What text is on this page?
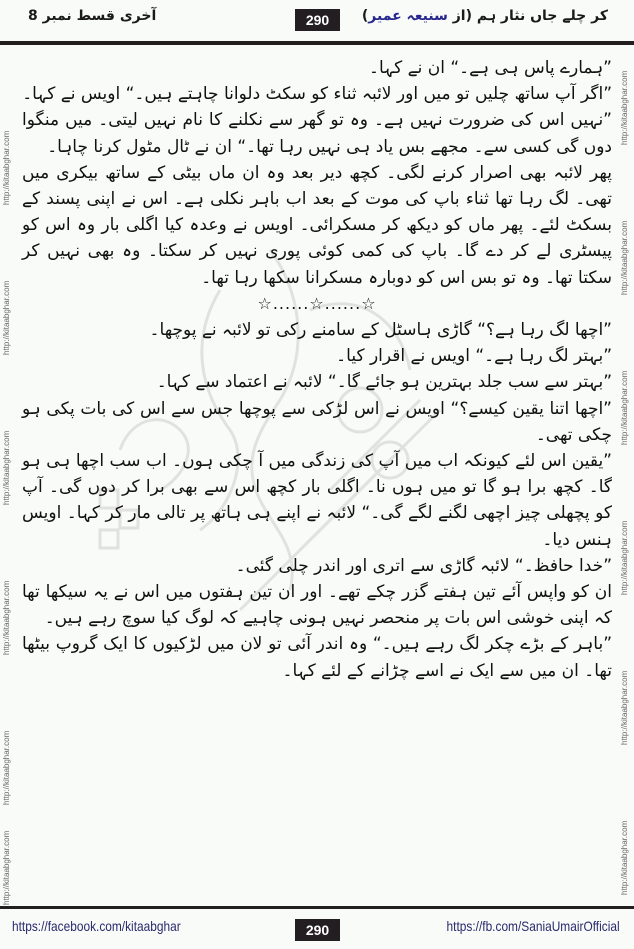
آخری قسط نمبر 8	290	کر چلے جاں نثار ہم (از سنیعہ عمیر)
http://kitaabghar.com
http://kitaabghar.com
http://kitaabghar.com
http://kitaabghar.com
http://kitaabghar.com
http://kitaabghar.com
http://kitaabghar.com
http://kitaabghar.com
http://kitaabghar.com
http://kitaabghar.com
http://kitaabghar.com
http://kitaabghar.com

”ہمارے پاس ہی ہے۔“ ان نے کہا۔

”اگر آپ ساتھ چلیں تو میں اور لائبہ ثناء کو سکٹ دلوانا چاہتے ہیں۔“ اویس نے کہا۔

”نہیں اس کی ضرورت نہیں ہے۔ وہ تو گھر سے نکلنے کا نام نہیں لیتی۔ میں منگوا دوں گی کسی سے۔ مجھے بس یاد ہی نہیں رہا تھا۔“ ان نے ٹال مٹول کرنا چاہا۔

پھر لائبہ بھی اصرار کرنے لگی۔ کچھ دیر بعد وہ ان ماں بیٹی کے ساتھ بیکری میں تھی۔ لگ رہا تھا ثناء باپ کی موت کے بعد اب باہر نکلی ہے۔ اس نے اپنی پسند کے بسکٹ لئے۔ پھر ماں کو دیکھ کر مسکرائی۔ اویس نے وعدہ کیا اگلی بار وہ اس کو پیسٹری لے کر دے گا۔ باپ کی کمی کوئی پوری نہیں کر سکتا۔ وہ بھی نہیں کر سکتا تھا۔ وہ تو بس اس کو دوبارہ مسکرانا سکھا رہا تھا۔

☆......☆......☆

”اچھا لگ رہا ہے؟“ گاڑی ہاسٹل کے سامنے رکی تو لائبہ نے پوچھا۔

”بہتر لگ رہا ہے۔“ اویس نے اقرار کیا۔

”بہتر سے سب جلد بہترین ہو جائے گا۔“ لائبہ نے اعتماد سے کہا۔

”اچھا اتنا یقین کیسے؟“ اویس نے اس لڑکی سے پوچھا جس سے اس کی بات پکی ہو چکی تھی۔

”یقین اس لئے کیونکہ اب میں آپ کی زندگی میں آ چکی ہوں۔ اب سب اچھا ہی ہو گا۔ کچھ برا ہو گا تو میں ہوں نا۔ اگلی بار کچھ اس سے بھی برا کر دوں گی۔ آپ کو پچھلی چیز اچھی لگنے لگے گی۔“ لائبہ نے اپنے ہی ہاتھ پر تالی مار کر کہا۔ اویس ہنس دیا۔

”خدا حافظ۔“ لائبہ گاڑی سے اتری اور اندر چلی گئی۔

ان کو واپس آئے تین ہفتے گزر چکے تھے۔ اور ان تین ہفتوں میں اس نے یہ سیکھا تھا کہ اپنی خوشی اس بات پر منحصر نہیں ہونی چاہیے کہ لوگ کیا سوچ رہے ہیں۔

”باہر کے بڑے چکر لگ رہے ہیں۔“ وہ اندر آئی تو لان میں لڑکیوں کا ایک گروپ بیٹھا تھا۔ ان میں سے ایک نے اسے چڑانے کے لئے کہا۔

https://facebook.com/kitaabghar	290	https://fb.com/SaniaUmairOfficial
